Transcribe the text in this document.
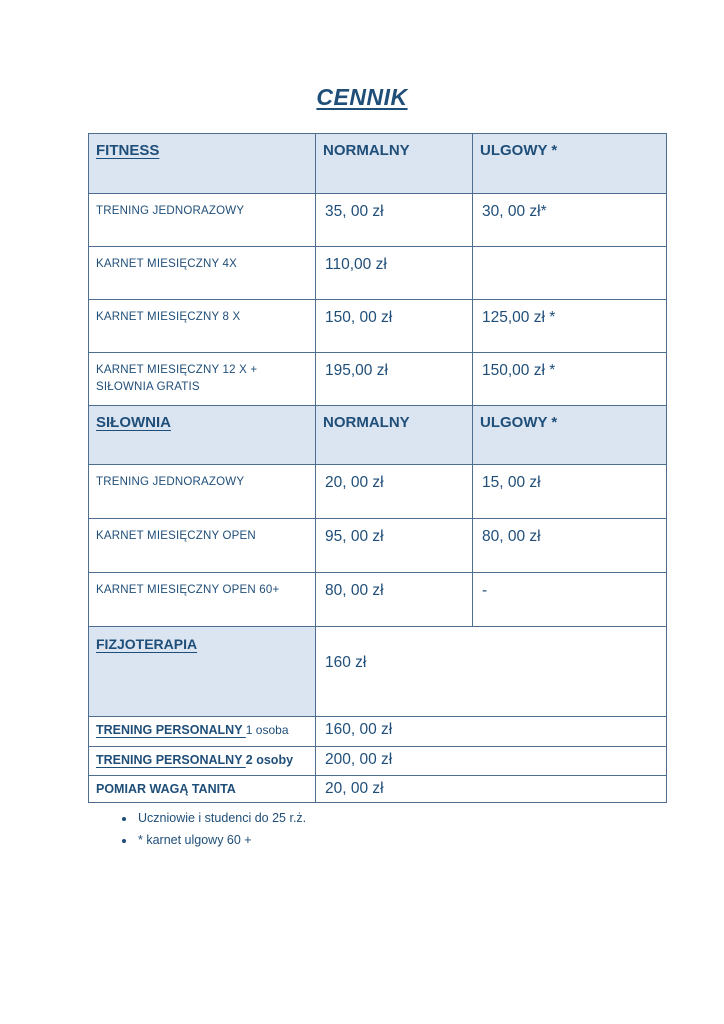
CENNIK
FITNESS	NORMALNY	ULGOWY *
TRENING JEDNORAZOWY	35, 00 zł	30, 00 zł*
KARNET MIESIĘCZNY 4X	110,00 zł	
KARNET MIESIĘCZNY 8 X	150, 00 zł	125,00 zł *
KARNET MIESIĘCZNY 12 X + SIŁOWNIA GRATIS	195,00 zł	150,00 zł *
SIŁOWNIA	NORMALNY	ULGOWY *
TRENING JEDNORAZOWY	20, 00 zł	15, 00 zł
KARNET MIESIĘCZNY OPEN	95, 00 zł	80, 00 zł
KARNET MIESIĘCZNY OPEN 60+	80, 00 zł	-
FIZJOTERAPIA	160 zł	
TRENING PERSONALNY 1 osoba	160, 00 zł	
TRENING PERSONALNY 2 osoby	200, 00 zł	
POMIAR WAGĄ TANITA	20, 00 zł	
• Uczniowie i studenci do 25 r.ż.
• * karnet ulgowy 60 +
